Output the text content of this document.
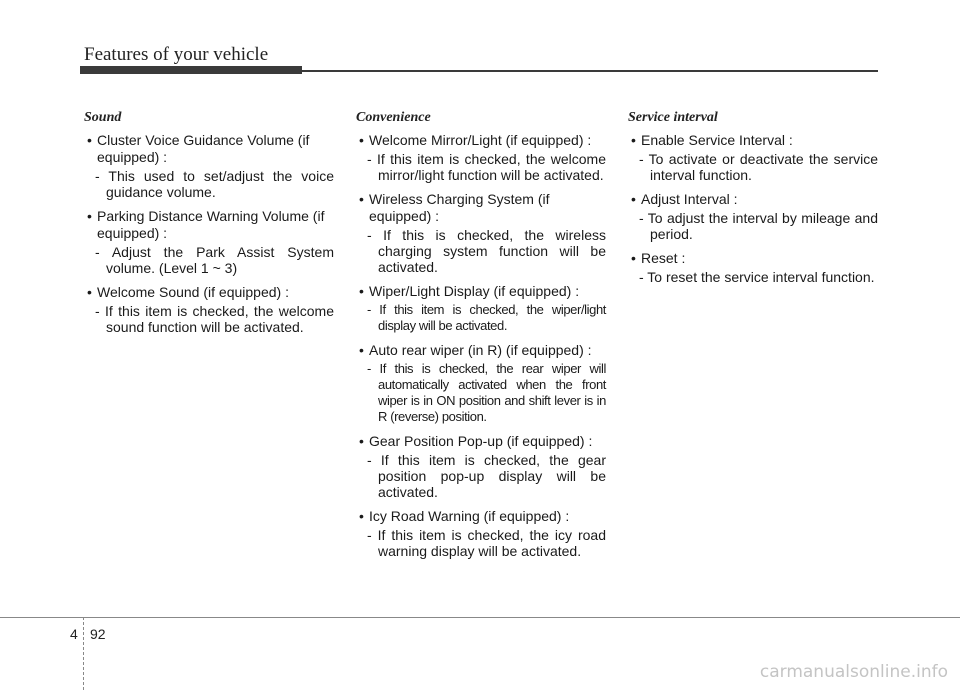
Features of your vehicle
Sound

• Cluster Voice Guidance Volume (if equipped) :

- This used to set/adjust the voice guidance volume.

• Parking Distance Warning Volume (if equipped) :

- Adjust the Park Assist System volume. (Level 1 ~ 3)

• Welcome Sound (if equipped) :

- If this item is checked, the welcome sound function will be activated.

Convenience

• Welcome Mirror/Light (if equipped) :

- If this item is checked, the welcome mirror/light function will be activated.

• Wireless Charging System (if equipped) :

- If this is checked, the wireless charging system function will be activated.

• Wiper/Light Display (if equipped) :

- If this item is checked, the wiper/light display will be activated.

• Auto rear wiper (in R) (if equipped) :

- If this is checked, the rear wiper will automatically activated when the front wiper is in ON position and shift lever is in R (reverse) position.

• Gear Position Pop-up (if equipped) :

- If this item is checked, the gear position pop-up display will be activated.

• Icy Road Warning (if equipped) :

- If this item is checked, the icy road warning display will be activated.

Service interval

• Enable Service Interval :

- To activate or deactivate the service interval function.

• Adjust Interval :

- To adjust the interval by mileage and period.

• Reset :

- To reset the service interval function.

4 92
carmanualsonline.info
